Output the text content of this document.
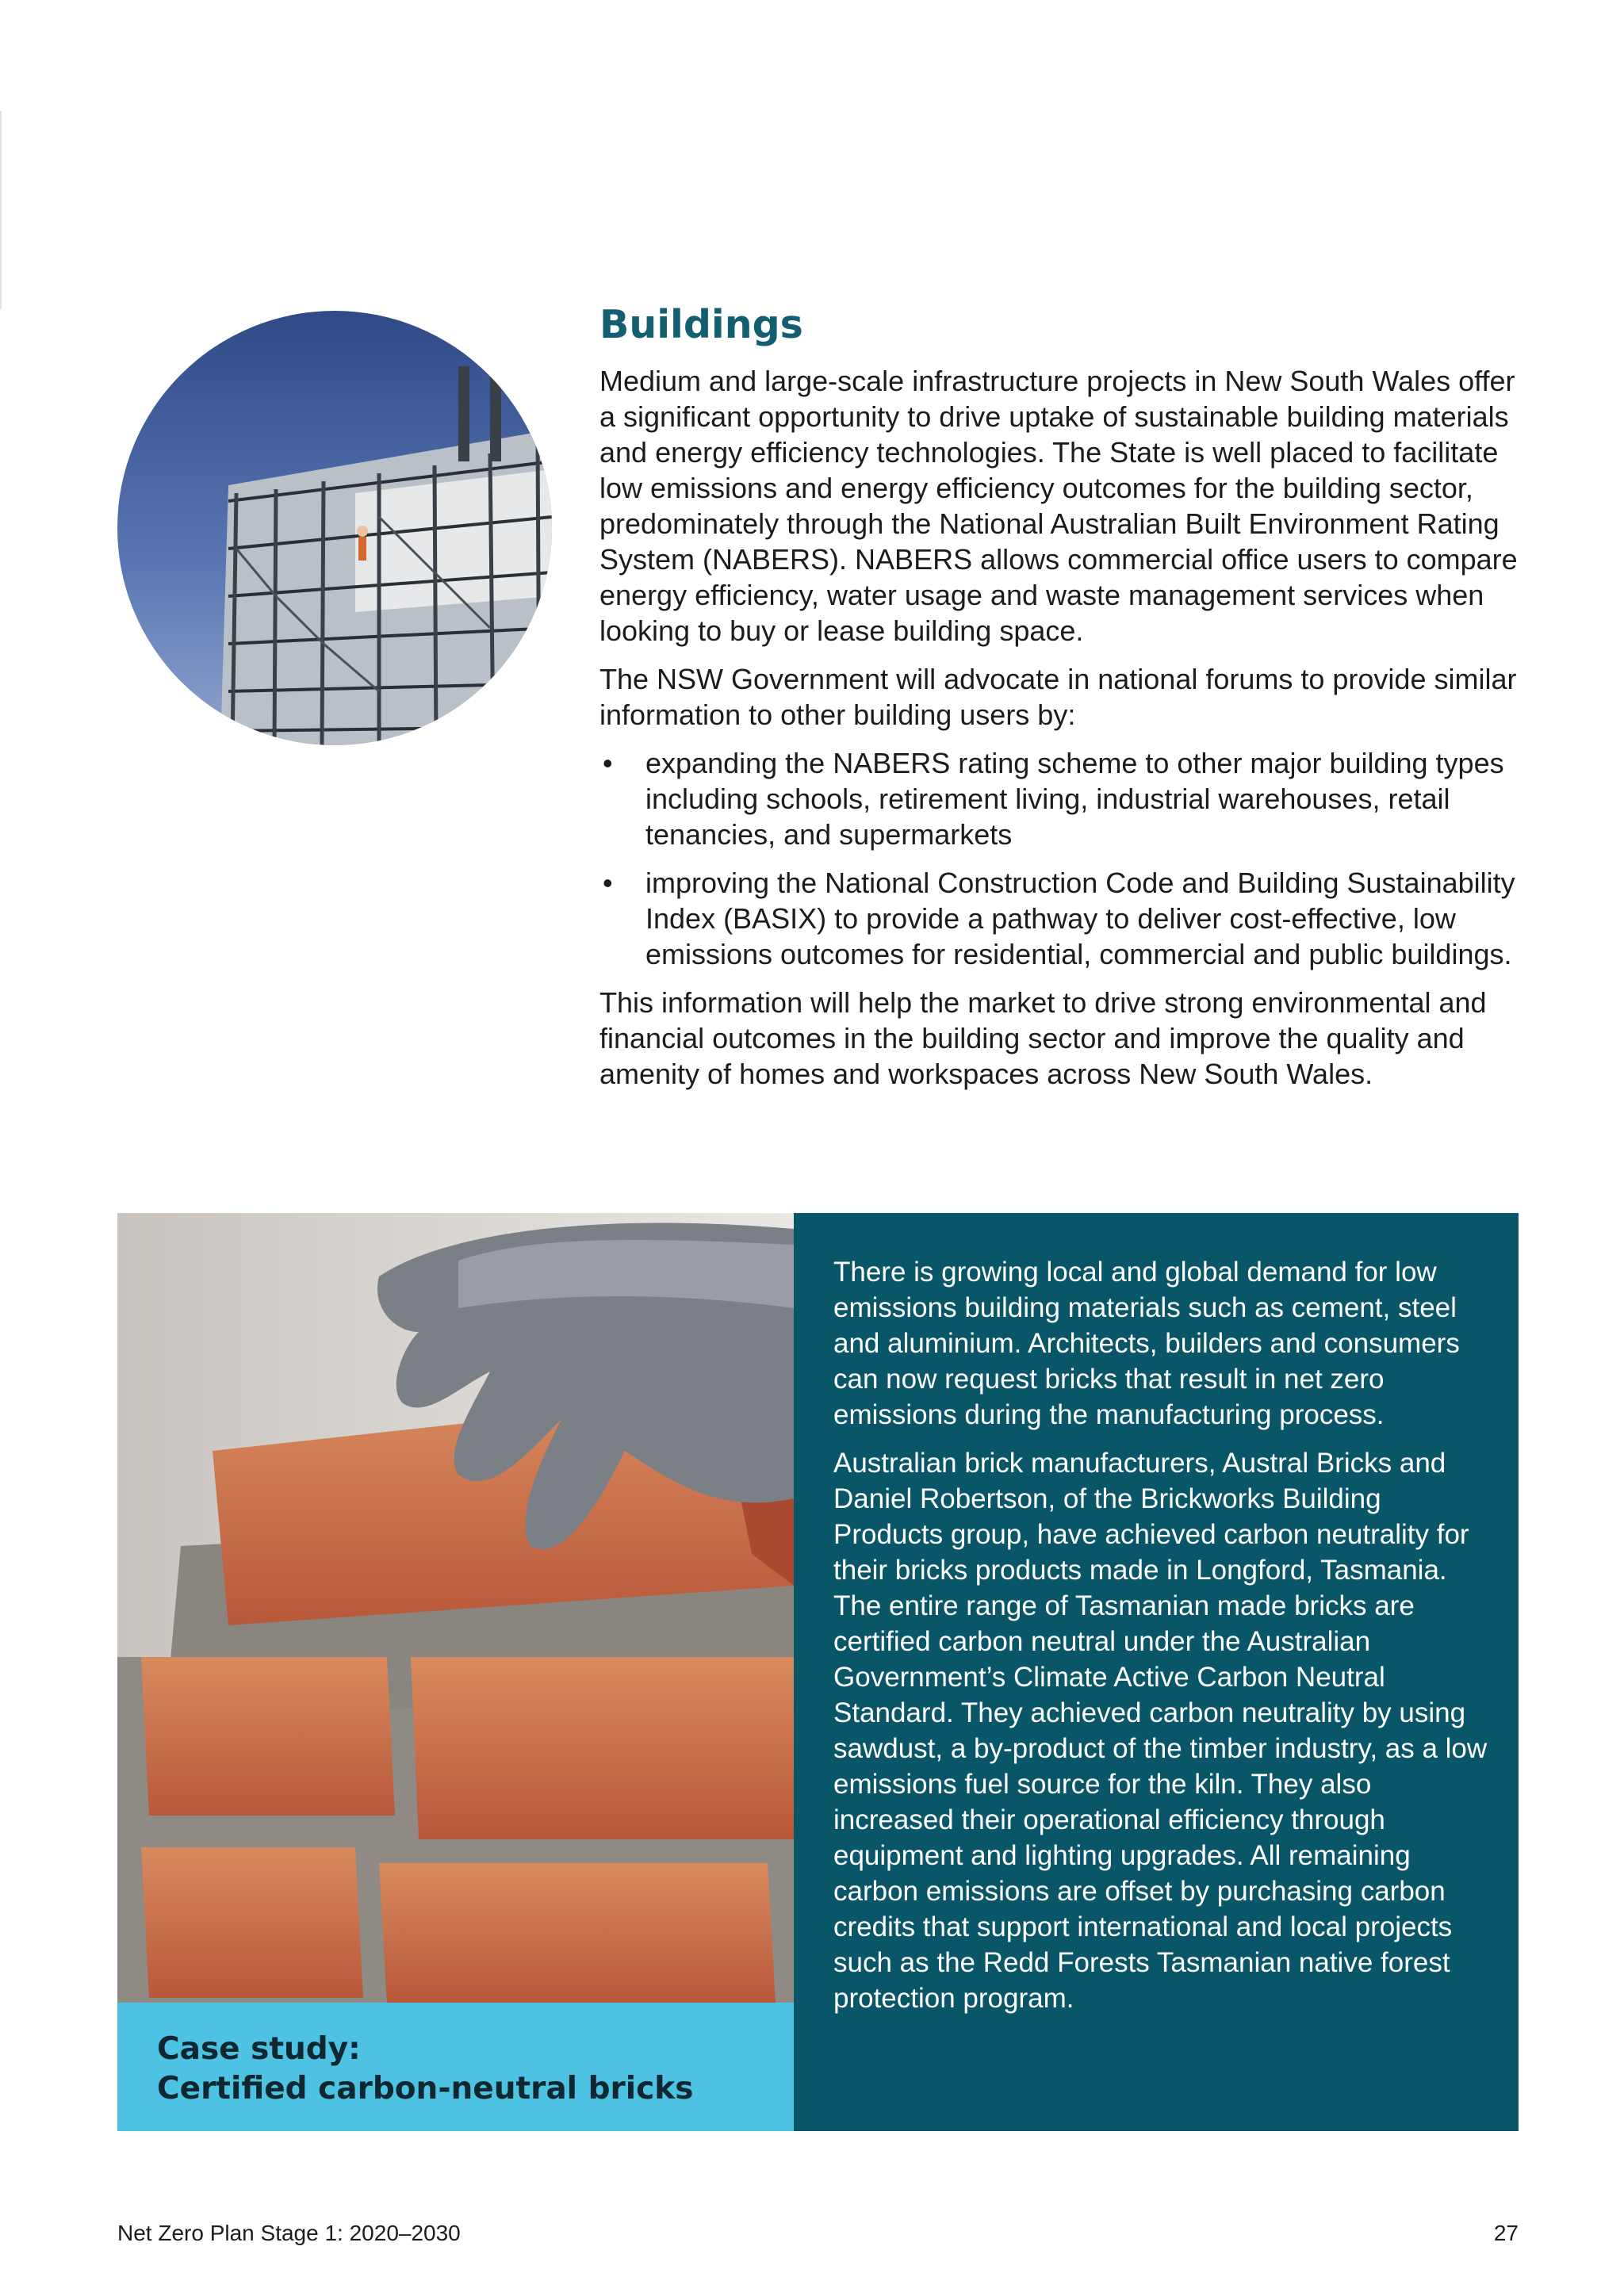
Buildings

Medium and large-scale infrastructure projects in New South Wales offer a significant opportunity to drive uptake of sustainable building materials and energy efficiency technologies. The State is well placed to facilitate low emissions and energy efficiency outcomes for the building sector, predominately through the National Australian Built Environment Rating System (NABERS). NABERS allows commercial office users to compare energy efficiency, water usage and waste management services when looking to buy or lease building space.

The NSW Government will advocate in national forums to provide similar information to other building users by:

• expanding the NABERS rating scheme to other major building types including schools, retirement living, industrial warehouses, retail tenancies, and supermarkets
• improving the National Construction Code and Building Sustainability Index (BASIX) to provide a pathway to deliver cost-effective, low emissions outcomes for residential, commercial and public buildings.

This information will help the market to drive strong environmental and financial outcomes in the building sector and improve the quality and amenity of homes and workspaces across New South Wales.

Case study:
Certified carbon-neutral bricks

There is growing local and global demand for low emissions building materials such as cement, steel and aluminium. Architects, builders and consumers can now request bricks that result in net zero emissions during the manufacturing process.

Australian brick manufacturers, Austral Bricks and Daniel Robertson, of the Brickworks Building Products group, have achieved carbon neutrality for their bricks products made in Longford, Tasmania. The entire range of Tasmanian made bricks are certified carbon neutral under the Australian Government’s Climate Active Carbon Neutral Standard. They achieved carbon neutrality by using sawdust, a by-product of the timber industry, as a low emissions fuel source for the kiln. They also increased their operational efficiency through equipment and lighting upgrades. All remaining carbon emissions are offset by purchasing carbon credits that support international and local projects such as the Redd Forests Tasmanian native forest protection program.

Net Zero Plan Stage 1: 2020–2030	27
